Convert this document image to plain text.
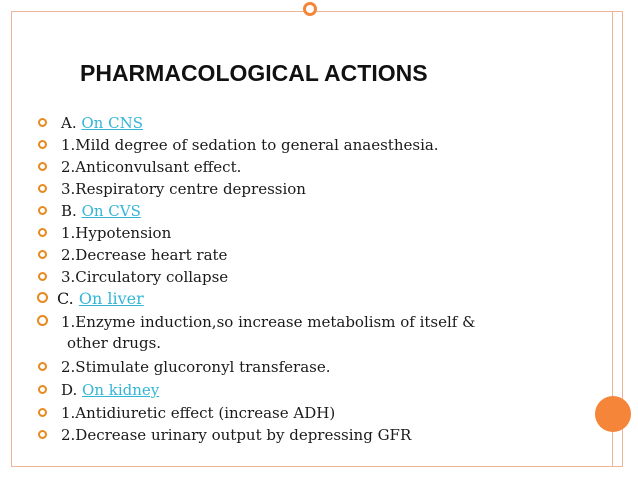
PHARMACOLOGICAL ACTIONS
A. On CNS
1.Mild degree of sedation to general anaesthesia.
2.Anticonvulsant effect.
3.Respiratory centre depression
B. On CVS
1.Hypotension
2.Decrease heart rate
3.Circulatory collapse
C. On liver
1.Enzyme induction,so increase metabolism of itself &
other drugs.
2.Stimulate glucoronyl transferase.
D. On kidney
1.Antidiuretic effect (increase ADH)
2.Decrease urinary output by depressing GFR
